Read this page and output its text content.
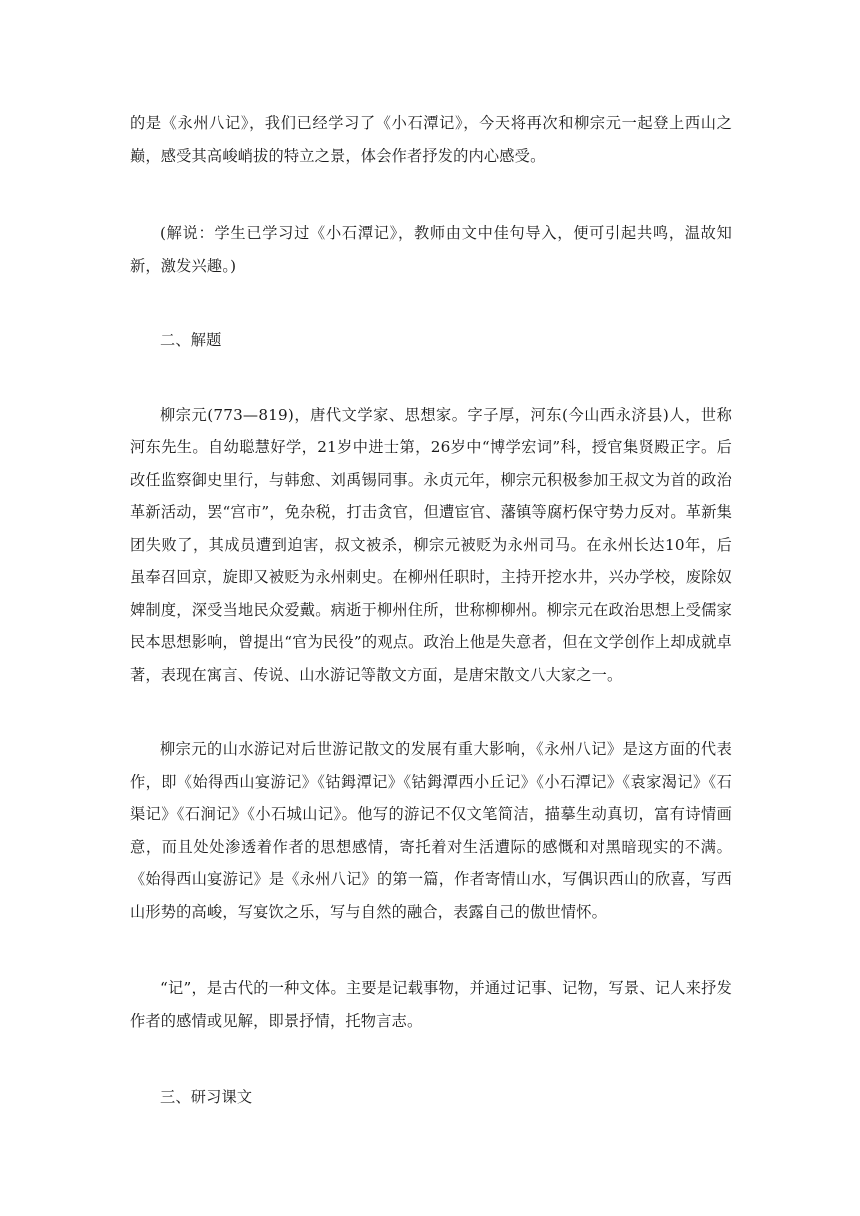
的是《永州八记》，我们已经学习了《小石潭记》，今天将再次和柳宗元一起登上西山之巅，感受其高峻峭拔的特立之景，体会作者抒发的内心感受。

(解说：学生已学习过《小石潭记》，教师由文中佳句导入，便可引起共鸣，温故知新，激发兴趣。)

二、解题

柳宗元(773—819)，唐代文学家、思想家。字子厚，河东(今山西永济县)人，世称河东先生。自幼聪慧好学，21岁中进士第，26岁中“博学宏词”科，授官集贤殿正字。后改任监察御史里行，与韩愈、刘禹锡同事。永贞元年，柳宗元积极参加王叔文为首的政治革新活动，罢“宫市”，免杂税，打击贪官，但遭宦官、藩镇等腐朽保守势力反对。革新集团失败了，其成员遭到迫害，叔文被杀，柳宗元被贬为永州司马。在永州长达10年，后虽奉召回京，旋即又被贬为永州刺史。在柳州任职时，主持开挖水井，兴办学校，废除奴婢制度，深受当地民众爱戴。病逝于柳州住所，世称柳柳州。柳宗元在政治思想上受儒家民本思想影响，曾提出“官为民役”的观点。政治上他是失意者，但在文学创作上却成就卓著，表现在寓言、传说、山水游记等散文方面，是唐宋散文八大家之一。

柳宗元的山水游记对后世游记散文的发展有重大影响，《永州八记》是这方面的代表作，即《始得西山宴游记》《钴鉧潭记》《钴鉧潭西小丘记》《小石潭记》《袁家渴记》《石渠记》《石涧记》《小石城山记》。他写的游记不仅文笔简洁，描摹生动真切，富有诗情画意，而且处处渗透着作者的思想感情，寄托着对生活遭际的感慨和对黑暗现实的不满。《始得西山宴游记》是《永州八记》的第一篇，作者寄情山水，写偶识西山的欣喜，写西山形势的高峻，写宴饮之乐，写与自然的融合，表露自己的傲世情怀。

“记”，是古代的一种文体。主要是记载事物，并通过记事、记物，写景、记人来抒发作者的感情或见解，即景抒情，托物言志。

三、研习课文
